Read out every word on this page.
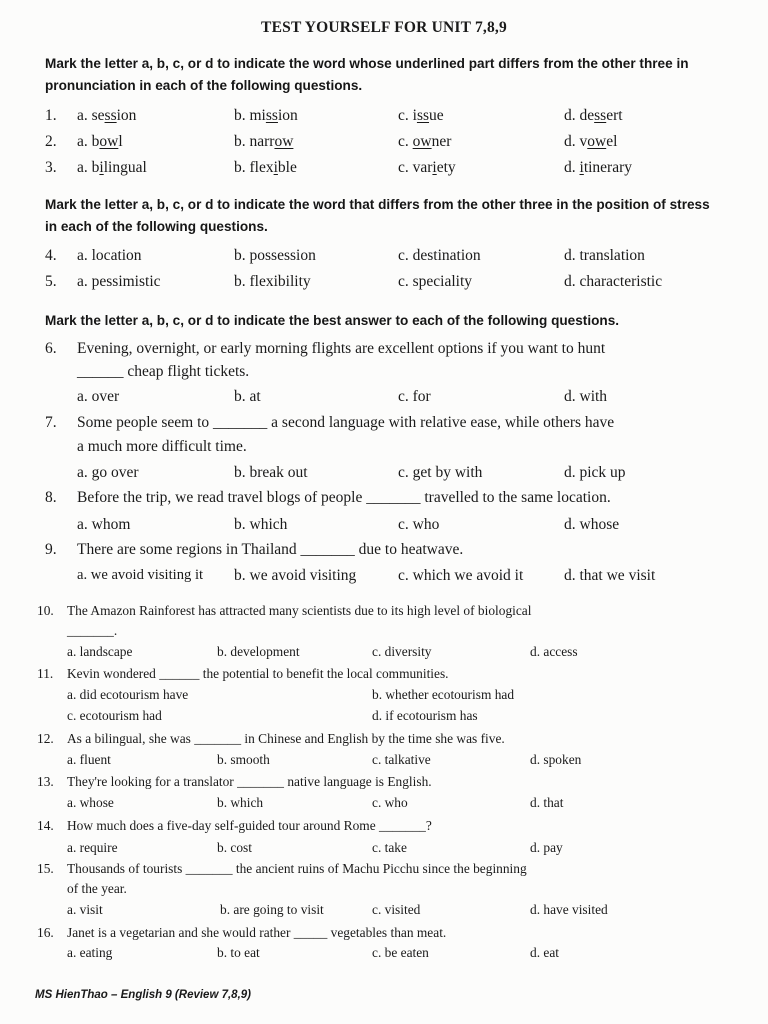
TEST YOURSELF FOR UNIT 7,8,9
Mark the letter a, b, c, or d to indicate the word whose underlined part differs from the other three in pronunciation in each of the following questions.
1. a. session	b. mission	c. issue	d. dessert
2. a. bowl	b. narrow	c. owner	d. vowel
3. a. bilingual	b. flexible	c. variety	d. itinerary
Mark the letter a, b, c, or d to indicate the word that differs from the other three in the position of stress in each of the following questions.
4. a. location	b. possession	c. destination	d. translation
5. a. pessimistic	b. flexibility	c. speciality	d. characteristic
Mark the letter a, b, c, or d to indicate the best answer to each of the following questions.
6. Evening, overnight, or early morning flights are excellent options if you want to hunt
______ cheap flight tickets.
a. over	b. at	c. for	d. with
7. Some people seem to _______ a second language with relative ease, while others have
a much more difficult time.
a. go over	b. break out	c. get by with	d. pick up
8. Before the trip, we read travel blogs of people _______ travelled to the same location.
a. whom	b. which	c. who	d. whose
9. There are some regions in Thailand _______ due to heatwave.
a. we avoid visiting it b. we avoid visiting	c. which we avoid it	d. that we visit
10. The Amazon Rainforest has attracted many scientists due to its high level of biological
_______.
a. landscape	b. development	c. diversity	d. access
11. Kevin wondered ______ the potential to benefit the local communities.
a. did ecotourism have	b. whether ecotourism had
c. ecotourism had	d. if ecotourism has
12. As a bilingual, she was _______ in Chinese and English by the time she was five.
a. fluent	b. smooth	c. talkative	d. spoken
13. They're looking for a translator _______ native language is English.
a. whose	b. which	c. who	d. that
14. How much does a five-day self-guided tour around Rome _______?
a. require	b. cost	c. take	d. pay
15. Thousands of tourists _______ the ancient ruins of Machu Picchu since the beginning
of the year.
a. visit	b. are going to visit	c. visited	d. have visited
16. Janet is a vegetarian and she would rather _____ vegetables than meat.
a. eating	b. to eat	c. be eaten	d. eat
MS HienThao – English 9 (Review 7,8,9)
